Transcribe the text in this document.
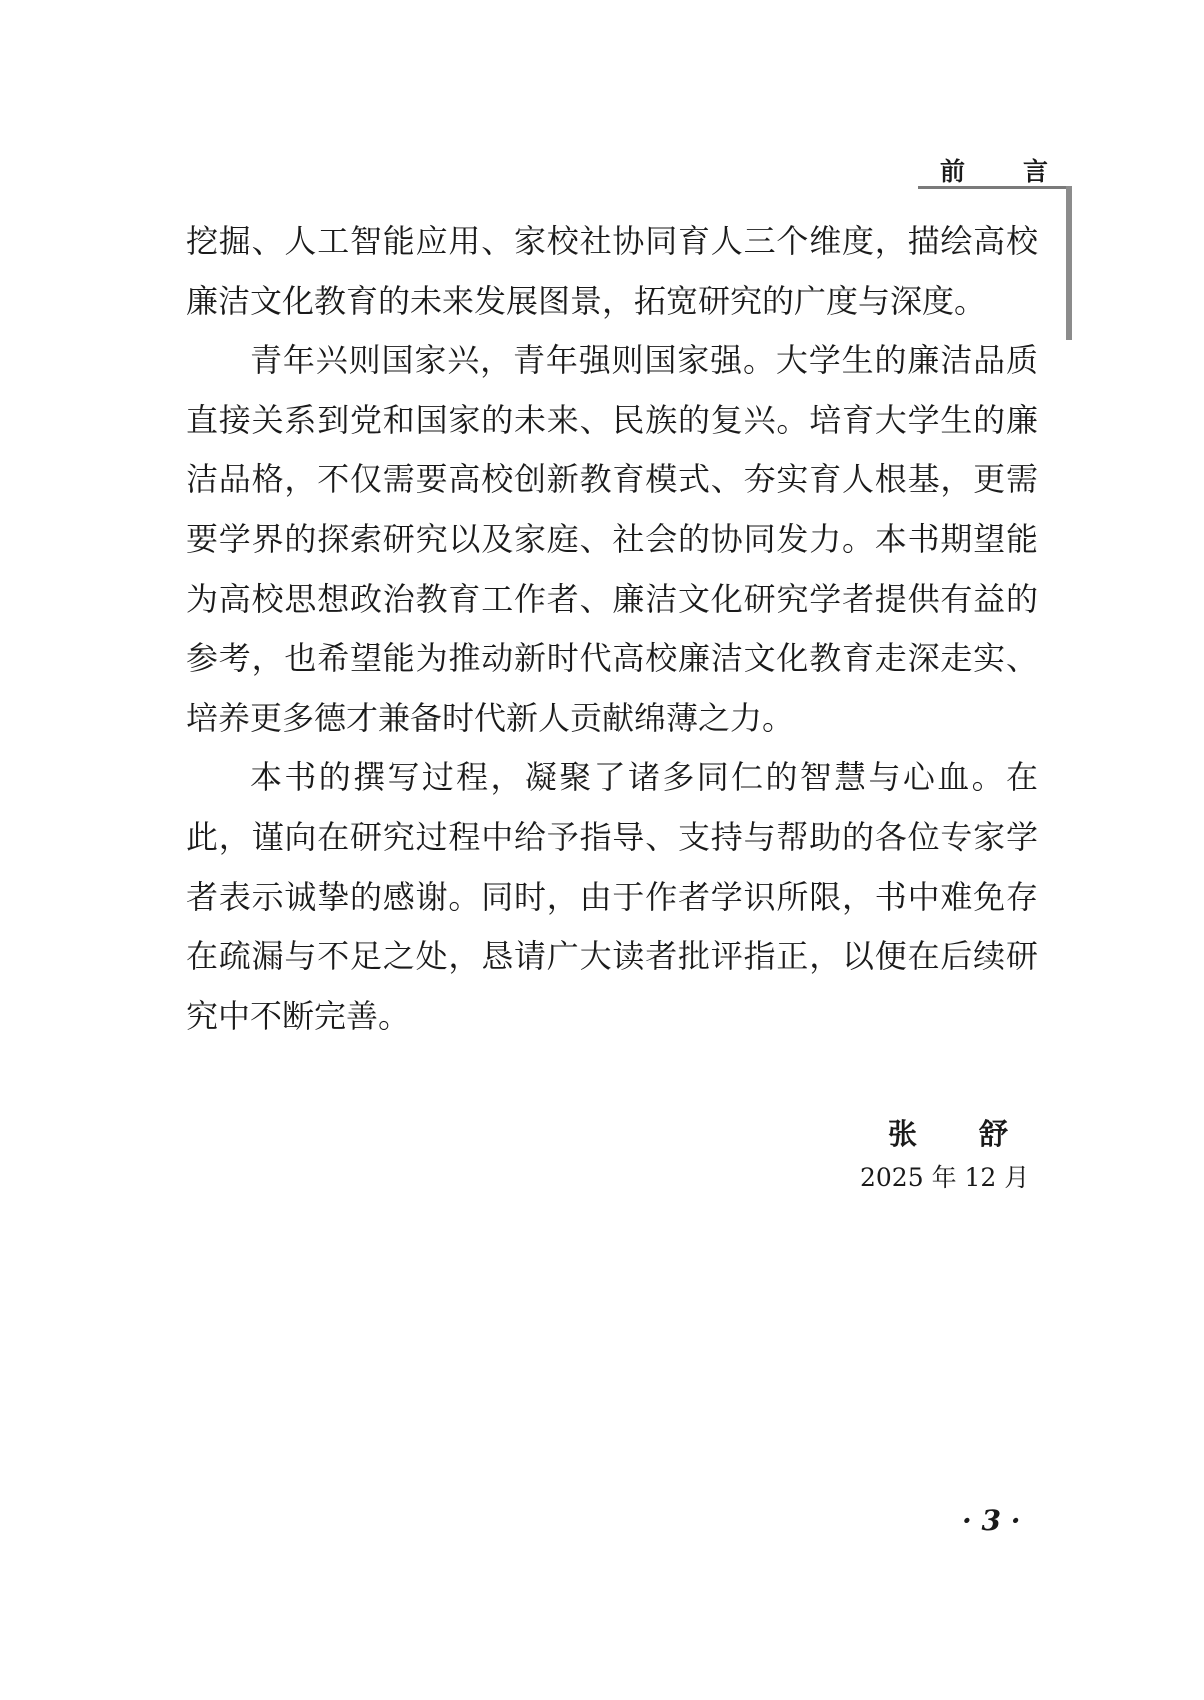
前 言

挖掘、人工智能应用、家校社协同育人三个维度，描绘高校廉洁文化教育的未来发展图景，拓宽研究的广度与深度。

青年兴则国家兴，青年强则国家强。大学生的廉洁品质直接关系到党和国家的未来、民族的复兴。培育大学生的廉洁品格，不仅需要高校创新教育模式、夯实育人根基，更需要学界的探索研究以及家庭、社会的协同发力。本书期望能为高校思想政治教育工作者、廉洁文化研究学者提供有益的参考，也希望能为推动新时代高校廉洁文化教育走深走实、培养更多德才兼备时代新人贡献绵薄之力。

本书的撰写过程，凝聚了诸多同仁的智慧与心血。在此，谨向在研究过程中给予指导、支持与帮助的各位专家学者表示诚挚的感谢。同时，由于作者学识所限，书中难免存在疏漏与不足之处，恳请广大读者批评指正，以便在后续研究中不断完善。

张 舒
2025 年 12 月
· 3 ·
